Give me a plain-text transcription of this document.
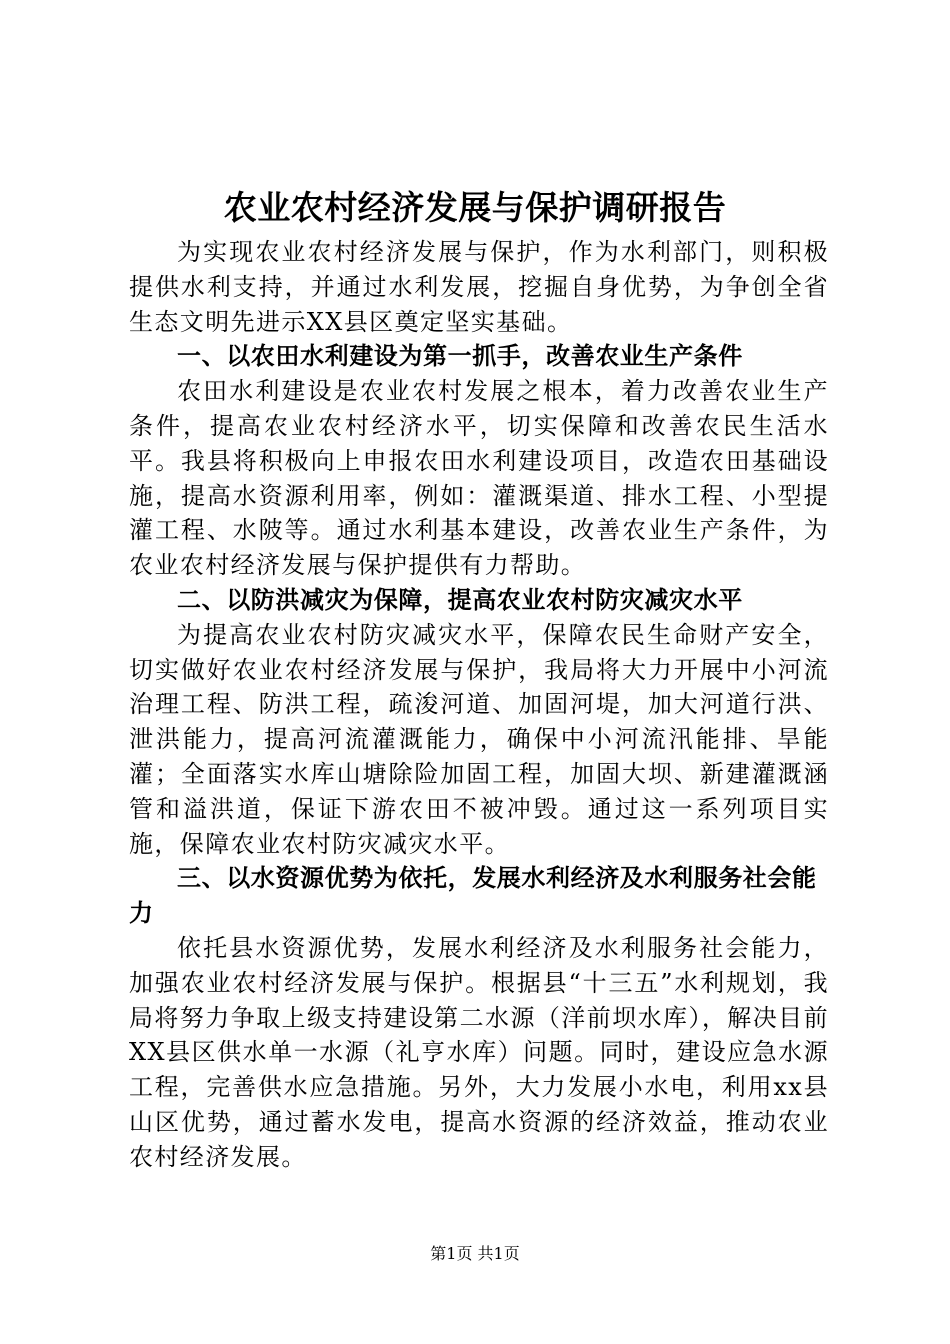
农业农村经济发展与保护调研报告

为实现农业农村经济发展与保护，作为水利部门，则积极提供水利支持，并通过水利发展，挖掘自身优势，为争创全省生态文明先进示XX县区奠定坚实基础。

一、以农田水利建设为第一抓手，改善农业生产条件

农田水利建设是农业农村发展之根本，着力改善农业生产条件，提高农业农村经济水平，切实保障和改善农民生活水平。我县将积极向上申报农田水利建设项目，改造农田基础设施，提高水资源利用率，例如：灌溉渠道、排水工程、小型提灌工程、水陂等。通过水利基本建设，改善农业生产条件，为农业农村经济发展与保护提供有力帮助。

二、以防洪减灾为保障，提高农业农村防灾减灾水平

为提高农业农村防灾减灾水平，保障农民生命财产安全，切实做好农业农村经济发展与保护，我局将大力开展中小河流治理工程、防洪工程，疏浚河道、加固河堤，加大河道行洪、泄洪能力，提高河流灌溉能力，确保中小河流汛能排、旱能灌；全面落实水库山塘除险加固工程，加固大坝、新建灌溉涵管和溢洪道，保证下游农田不被冲毁。通过这一系列项目实施，保障农业农村防灾减灾水平。

三、以水资源优势为依托，发展水利经济及水利服务社会能力

依托县水资源优势，发展水利经济及水利服务社会能力，加强农业农村经济发展与保护。根据县“十三五”水利规划，我局将努力争取上级支持建设第二水源（洋前坝水库），解决目前XX县区供水单一水源（礼亨水库）问题。同时，建设应急水源工程，完善供水应急措施。另外，大力发展小水电，利用xx县山区优势，通过蓄水发电，提高水资源的经济效益，推动农业农村经济发展。

第1页 共1页
